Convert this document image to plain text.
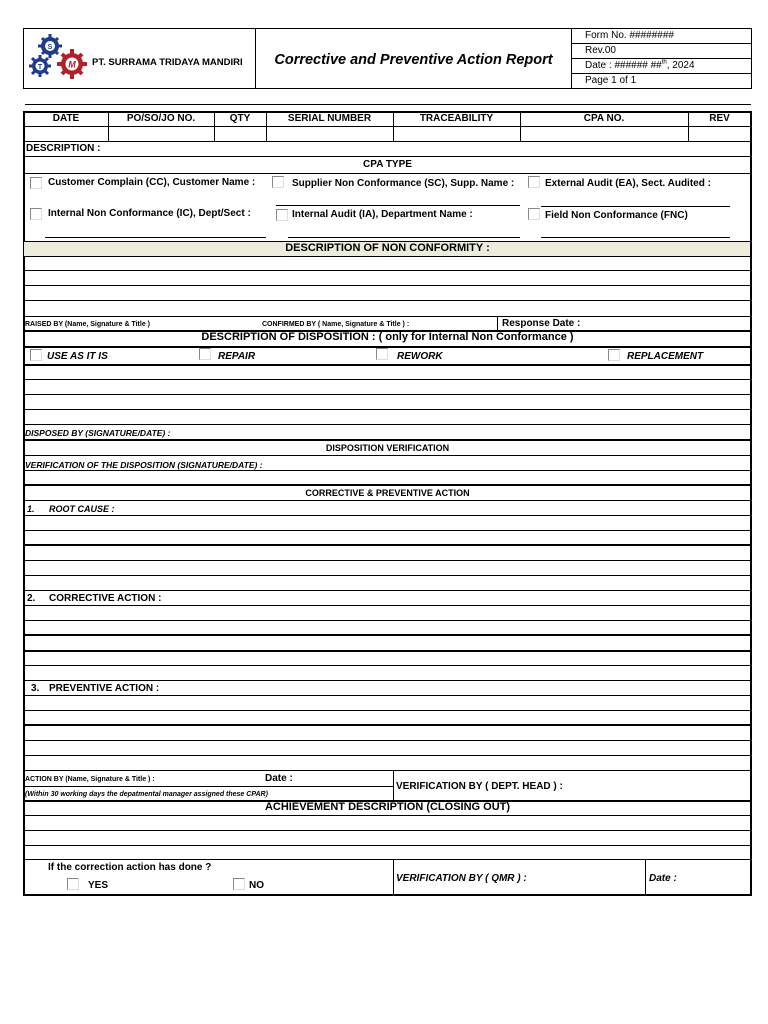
S
T	M PT. SURRAMA TRIDAYA MANDIRI	Corrective and Preventive Action Report
Form No. ########
Rev.00
Date : ###### ##$^{th}$, 2024
Page 1 of 1
DATE	PO/SO/JO NO.	QTY	SERIAL NUMBER	TRACEABILITY	CPA NO.	REV
DESCRIPTION :
CPA TYPE
Customer Complain (CC), Customer Name :	Supplier Non Conformance (SC), Supp. Name :	External Audit (EA), Sect. Audited :
Internal Non Conformance (IC), Dept/Sect :	Internal Audit (IA), Department Name :	Field Non Conformance (FNC)
DESCRIPTION OF NON CONFORMITY :
RAISED BY (Name, Signature & Title )	CONFIRMED BY ( Name, Signature & Title ) :	Response Date :
DESCRIPTION OF DISPOSITION : ( only for Internal Non Conformance )
USE AS IT IS	REPAIR	REWORK	REPLACEMENT
DISPOSED BY (SIGNATURE/DATE) :
DISPOSITION VERIFICATION
VERIFICATION OF THE DISPOSITION (SIGNATURE/DATE) :
CORRECTIVE & PREVENTIVE ACTION
1. ROOT CAUSE :
2. CORRECTIVE ACTION :
3. PREVENTIVE ACTION :
ACTION BY (Name, Signature & Title ) :	Date :
(Within 30 working days the depatmental manager assigned these CPAR)
VERIFICATION BY ( DEPT. HEAD ) :
ACHIEVEMENT DESCRIPTION (CLOSING OUT)
If the correction action has done ?
YES	NO
VERIFICATION BY ( QMR ) :	Date :
